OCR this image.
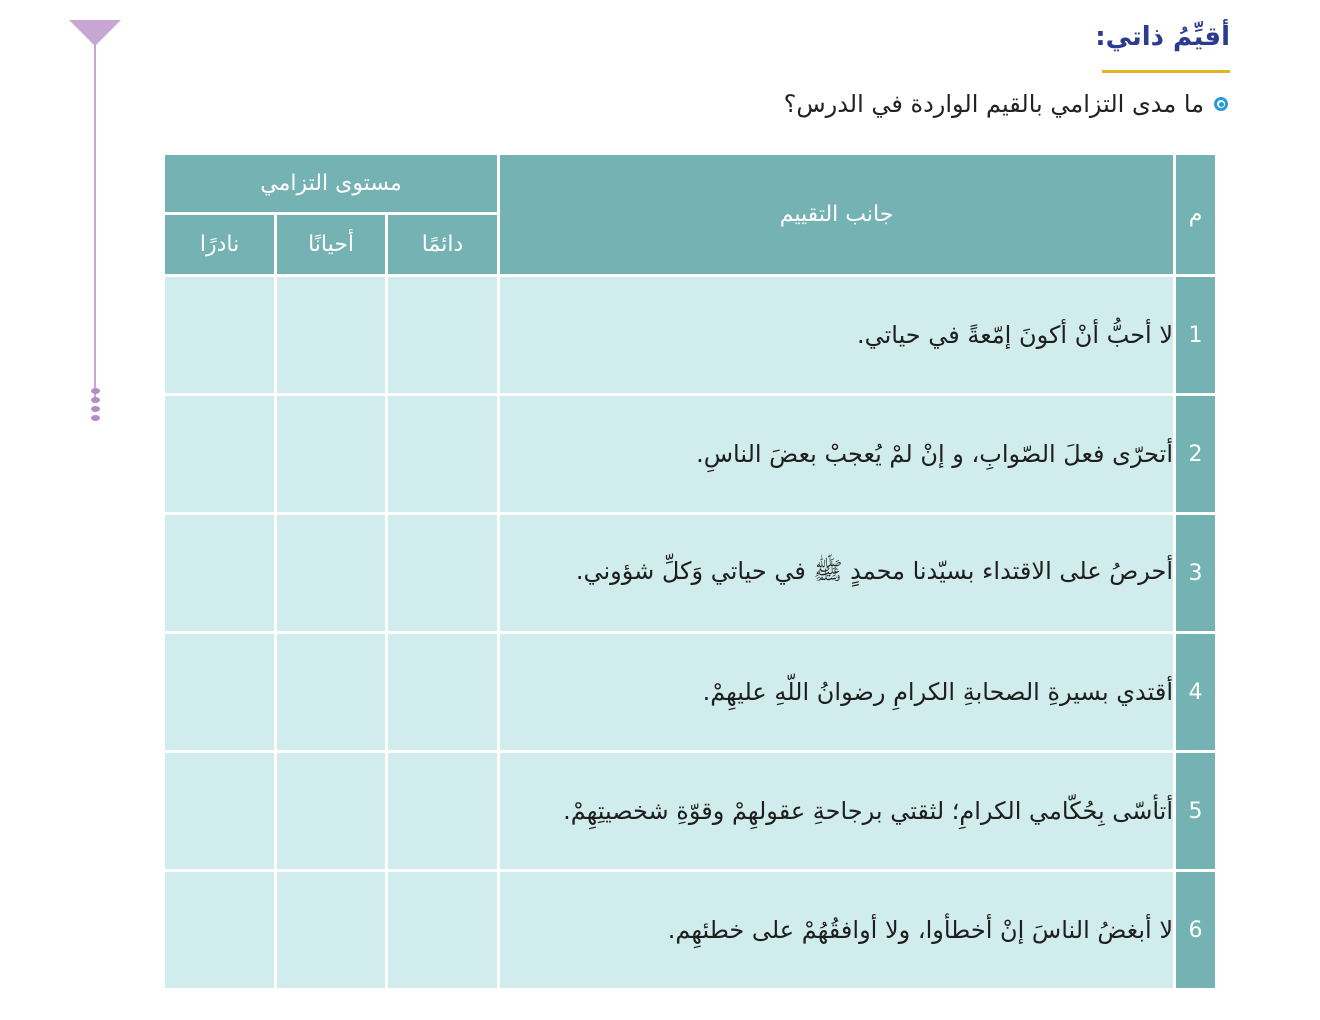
أقيِّمُ ذاتي:
ما مدى التزامي بالقيم الواردة في الدرس؟
م	جانب التقييم	مستوى التزامي		
		دائمًا	أحيانًا	نادرًا
1	لا أحبُّ أنْ أكونَ إمّعةً في حياتي.			
2	أتحرّى فعلَ الصّوابِ، و إنْ لمْ يُعجبْ بعضَ الناسِ.			
3	أحرصُ على الاقتداء بسيّدنا محمدٍ ﷺ في حياتي وَكلِّ شؤوني.			
4	أقتدي بسيرةِ الصحابةِ الكرامِ رضوانُ اللّهِ عليهِمْ.			
5	أتأسّى بِحُكّامي الكرامِ؛ لثقتي برجاحةِ عقولهِمْ وقوّةِ شخصيتِهِمْ.			
6	لا أبغضُ الناسَ إنْ أخطأوا، ولا أوافقُهُمْ على خطئهِم.			
